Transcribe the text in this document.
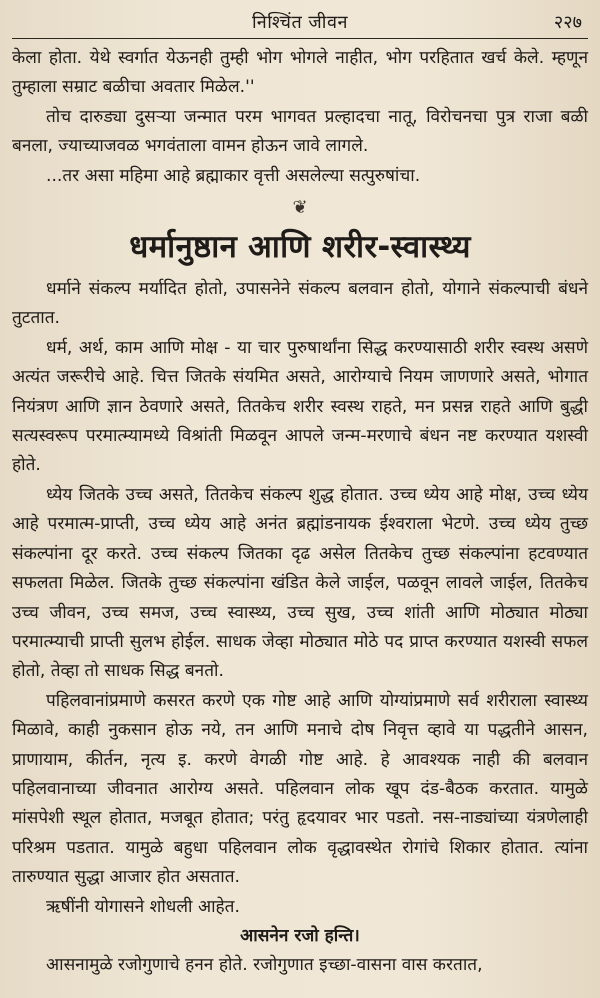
निश्चिंत जीवन	२२७

केला होता. येथे स्वर्गात येऊनही तुम्ही भोग भोगले नाहीत, भोग परहितात खर्च केले. म्हणून तुम्हाला सम्राट बळीचा अवतार मिळेल.''

तोच दारुड्या दुसऱ्या जन्मात परम भागवत प्रल्हादचा नातू, विरोचनचा पुत्र राजा बळी बनला, ज्याच्याजवळ भगवंताला वामन होऊन जावे लागले.

...तर असा महिमा आहे ब्रह्माकार वृत्ती असलेल्या सत्पुरुषांचा.

❦
धर्मानुष्ठान आणि शरीर-स्वास्थ्य

धर्माने संकल्प मर्यादित होतो, उपासनेने संकल्प बलवान होतो, योगाने संकल्पाची बंधने तुटतात.

धर्म, अर्थ, काम आणि मोक्ष - या चार पुरुषार्थांना सिद्ध करण्यासाठी शरीर स्वस्थ असणे अत्यंत जरूरीचे आहे. चित्त जितके संयमित असते, आरोग्याचे नियम जाणणारे असते, भोगात नियंत्रण आणि ज्ञान ठेवणारे असते, तितकेच शरीर स्वस्थ राहते, मन प्रसन्न राहते आणि बुद्धी सत्यस्वरूप परमात्म्यामध्ये विश्रांती मिळवून आपले जन्म-मरणाचे बंधन नष्ट करण्यात यशस्वी होते.

ध्येय जितके उच्च असते, तितकेच संकल्प शुद्ध होतात. उच्च ध्येय आहे मोक्ष, उच्च ध्येय आहे परमात्म-प्राप्ती, उच्च ध्येय आहे अनंत ब्रह्मांडनायक ईश्वराला भेटणे. उच्च ध्येय तुच्छ संकल्पांना दूर करते. उच्च संकल्प जितका दृढ असेल तितकेच तुच्छ संकल्पांना हटवण्यात सफलता मिळेल. जितके तुच्छ संकल्पांना खंडित केले जाईल, पळवून लावले जाईल, तितकेच उच्च जीवन, उच्च समज, उच्च स्वास्थ्य, उच्च सुख, उच्च शांती आणि मोठ्यात मोठ्या परमात्म्याची प्राप्ती सुलभ होईल. साधक जेव्हा मोठ्यात मोठे पद प्राप्त करण्यात यशस्वी सफल होतो, तेव्हा तो साधक सिद्ध बनतो.

पहिलवानांप्रमाणे कसरत करणे एक गोष्ट आहे आणि योग्यांप्रमाणे सर्व शरीराला स्वास्थ्य मिळावे, काही नुकसान होऊ नये, तन आणि मनाचे दोष निवृत्त व्हावे या पद्धतीने आसन, प्राणायाम, कीर्तन, नृत्य इ. करणे वेगळी गोष्ट आहे. हे आवश्यक नाही की बलवान पहिलवानाच्या जीवनात आरोग्य असते. पहिलवान लोक खूप दंड-बैठक करतात. यामुळे मांसपेशी स्थूल होतात, मजबूत होतात; परंतु हृदयावर भार पडतो. नस-नाड्यांच्या यंत्रणेलाही परिश्रम पडतात. यामुळे बहुधा पहिलवान लोक वृद्धावस्थेत रोगांचे शिकार होतात. त्यांना तारुण्यात सुद्धा आजार होत असतात.

ऋषींनी योगासने शोधली आहेत.

आसनेन रजो हन्ति।

आसनामुळे रजोगुणाचे हनन होते. रजोगुणात इच्छा-वासना वास करतात,
